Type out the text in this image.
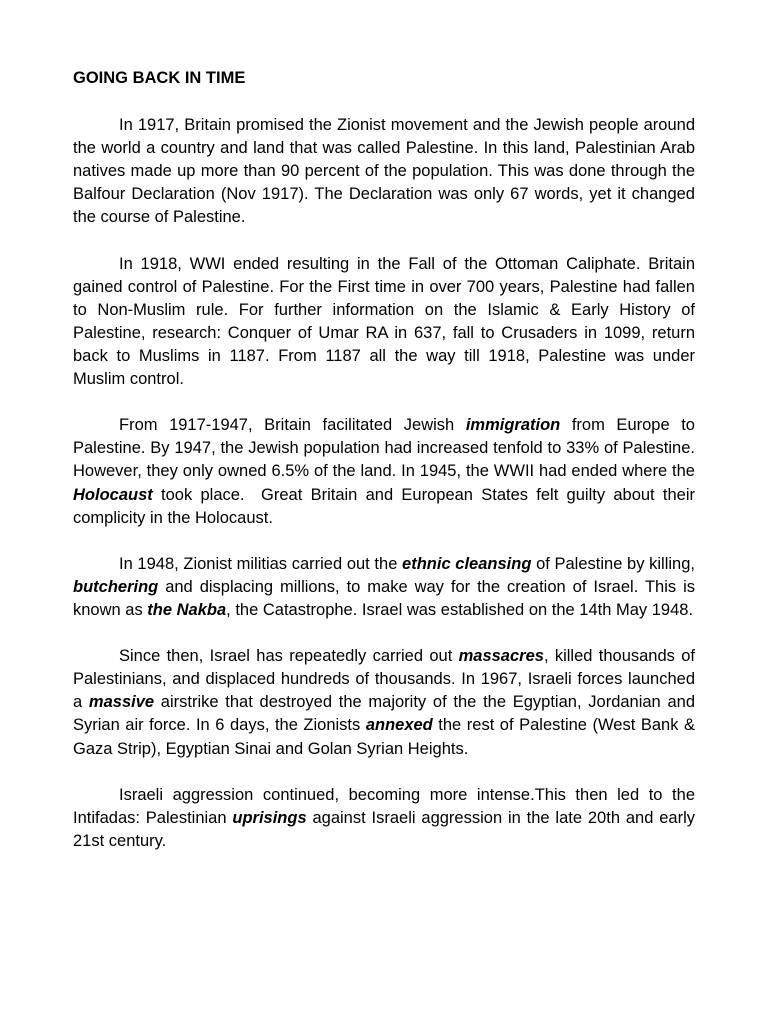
GOING BACK IN TIME

In 1917, Britain promised the Zionist movement and the Jewish people around the world a country and land that was called Palestine. In this land, Palestinian Arab natives made up more than 90 percent of the population. This was done through the Balfour Declaration (Nov 1917). The Declaration was only 67 words, yet it changed the course of Palestine.

In 1918, WWI ended resulting in the Fall of the Ottoman Caliphate. Britain gained control of Palestine. For the First time in over 700 years, Palestine had fallen to Non-Muslim rule. For further information on the Islamic & Early History of Palestine, research: Conquer of Umar RA in 637, fall to Crusaders in 1099, return back to Muslims in 1187. From 1187 all the way till 1918, Palestine was under Muslim control.

From 1917-1947, Britain facilitated Jewish immigration from Europe to Palestine. By 1947, the Jewish population had increased tenfold to 33% of Palestine. However, they only owned 6.5% of the land. In 1945, the WWII had ended where the Holocaust took place.  Great Britain and European States felt guilty about their complicity in the Holocaust.

In 1948, Zionist militias carried out the ethnic cleansing of Palestine by killing, butchering and displacing millions, to make way for the creation of Israel. This is known as the Nakba, the Catastrophe. Israel was established on the 14th May 1948.

Since then, Israel has repeatedly carried out massacres, killed thousands of Palestinians, and displaced hundreds of thousands. In 1967, Israeli forces launched a massive airstrike that destroyed the majority of the the Egyptian, Jordanian and Syrian air force. In 6 days, the Zionists annexed the rest of Palestine (West Bank & Gaza Strip), Egyptian Sinai and Golan Syrian Heights.

Israeli aggression continued, becoming more intense.This then led to the Intifadas: Palestinian uprisings against Israeli aggression in the late 20th and early 21st century.
